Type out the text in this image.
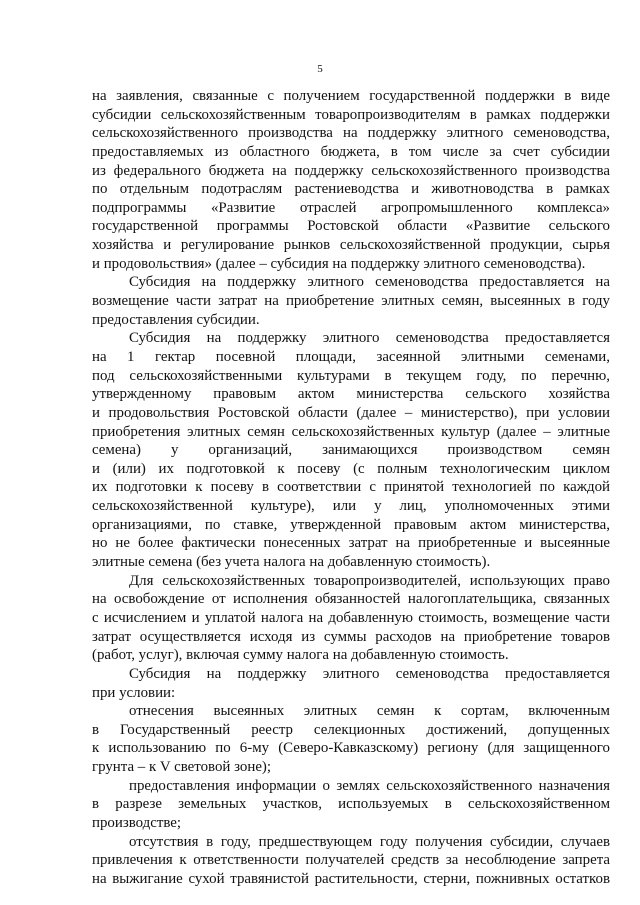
5
на заявления, связанные с получением государственной поддержки в виде
субсидии сельскохозяйственным товаропроизводителям в рамках поддержки
сельскохозяйственного производства на поддержку элитного семеноводства,
предоставляемых из областного бюджета, в том числе за счет субсидии
из федерального бюджета на поддержку сельскохозяйственного производства
по отдельным подотраслям растениеводства и животноводства в рамках
подпрограммы «Развитие отраслей агропромышленного комплекса»
государственной программы Ростовской области «Развитие сельского
хозяйства и регулирование рынков сельскохозяйственной продукции, сырья
и продовольствия» (далее – субсидия на поддержку элитного семеноводства).
Субсидия на поддержку элитного семеноводства предоставляется на
возмещение части затрат на приобретение элитных семян, высеянных в году
предоставления субсидии.
Субсидия на поддержку элитного семеноводства предоставляется
на 1 гектар посевной площади, засеянной элитными семенами,
под сельскохозяйственными культурами в текущем году, по перечню,
утвержденному правовым актом министерства сельского хозяйства
и продовольствия Ростовской области (далее – министерство), при условии
приобретения элитных семян сельскохозяйственных культур (далее – элитные
семена) у организаций, занимающихся производством семян
и (или) их подготовкой к посеву (с полным технологическим циклом
их подготовки к посеву в соответствии с принятой технологией по каждой
сельскохозяйственной культуре), или у лиц, уполномоченных этими
организациями, по ставке, утвержденной правовым актом министерства,
но не более фактически понесенных затрат на приобретенные и высеянные
элитные семена (без учета налога на добавленную стоимость).
Для сельскохозяйственных товаропроизводителей, использующих право
на освобождение от исполнения обязанностей налогоплательщика, связанных
с исчислением и уплатой налога на добавленную стоимость, возмещение части
затрат осуществляется исходя из суммы расходов на приобретение товаров
(работ, услуг), включая сумму налога на добавленную стоимость.
Субсидия на поддержку элитного семеноводства предоставляется
при условии:
отнесения высеянных элитных семян к сортам, включенным
в Государственный реестр селекционных достижений, допущенных
к использованию по 6-му (Северо-Кавказскому) региону (для защищенного
грунта – к V световой зоне);
предоставления информации о землях сельскохозяйственного назначения
в разрезе земельных участков, используемых в сельскохозяйственном
производстве;
отсутствия в году, предшествующем году получения субсидии, случаев
привлечения к ответственности получателей средств за несоблюдение запрета
на выжигание сухой травянистой растительности, стерни, пожнивных остатков
